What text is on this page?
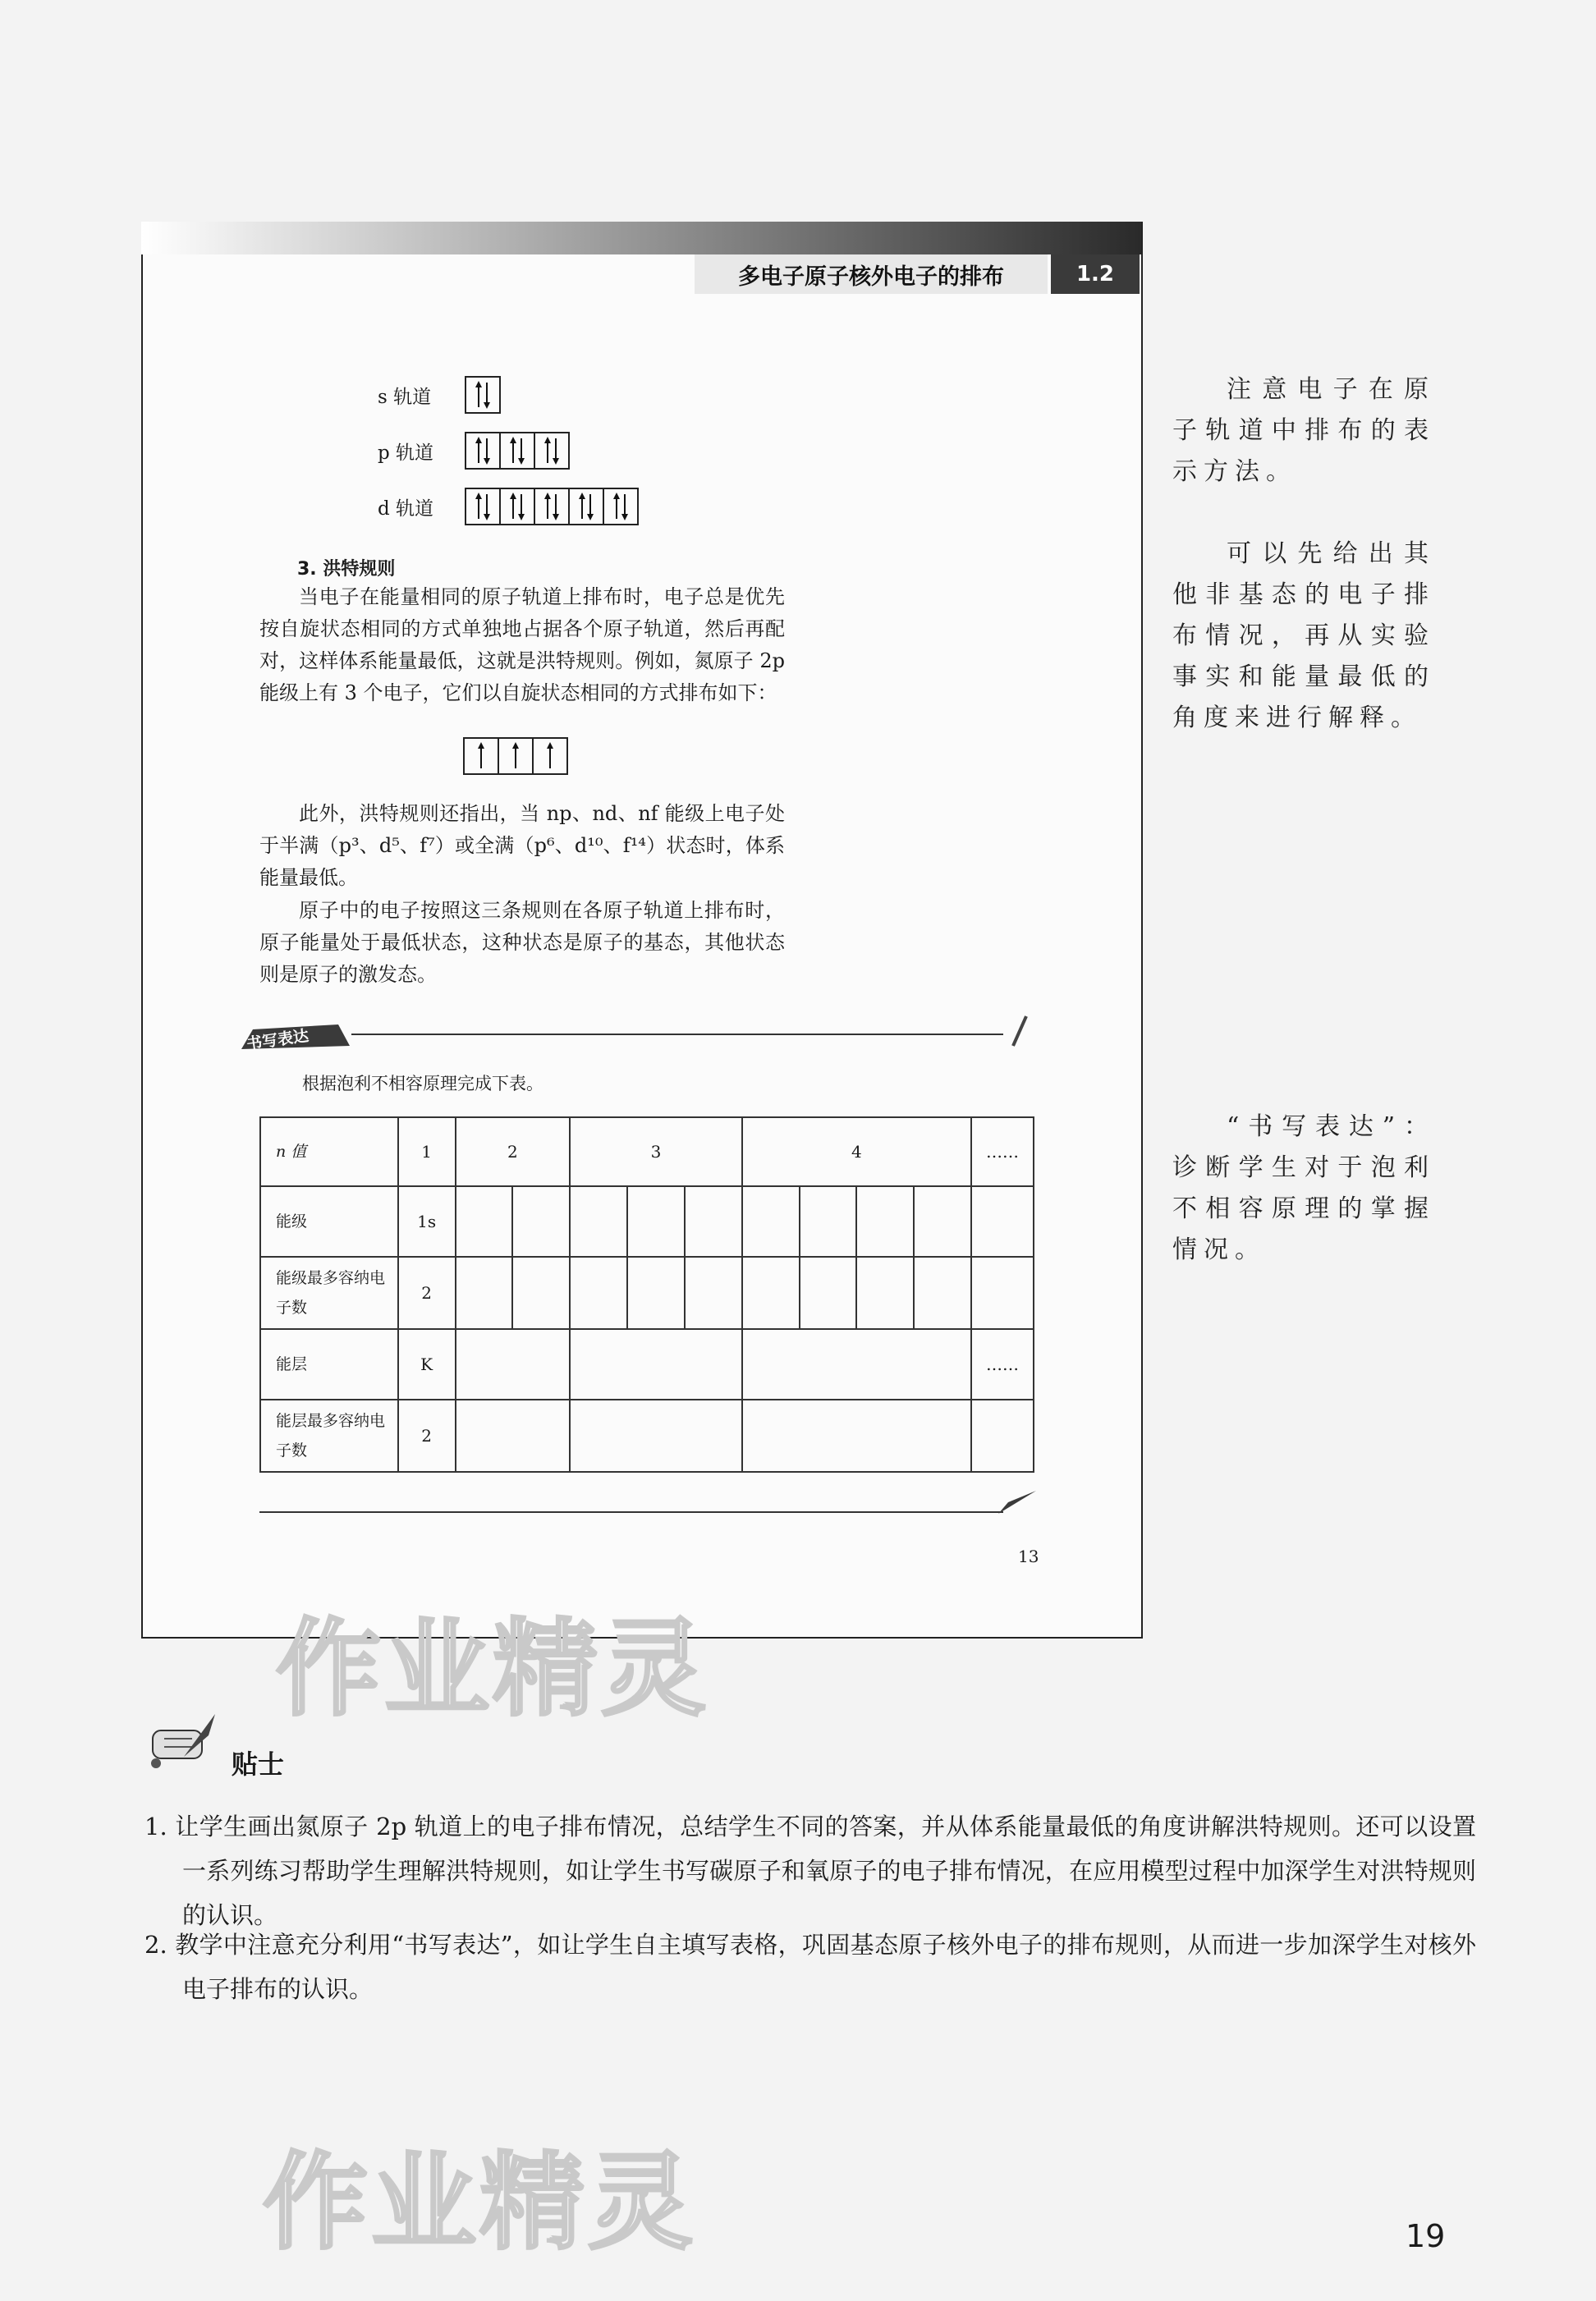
多电子原子核外电子的排布	1.2
s 轨道
p 轨道
d 轨道
3. 洪特规则
当电子在能量相同的原子轨道上排布时，电子总是优先按自旋状态相同的方式单独地占据各个原子轨道，然后再配对，这样体系能量最低，这就是洪特规则。例如，氮原子 2p 能级上有 3 个电子，它们以自旋状态相同的方式排布如下：
此外，洪特规则还指出，当 np、nd、nf 能级上电子处于半满（p³、d⁵、f⁷）或全满（p⁶、d¹⁰、f¹⁴）状态时，体系能量最低。
原子中的电子按照这三条规则在各原子轨道上排布时，原子能量处于最低状态，这种状态是原子的基态，其他状态则是原子的激发态。
书写表达
根据泡利不相容原理完成下表。
n 值	1	2		3			4				……
能级	1s										
能级最多容纳电子数	2										
能层	K										……
能层最多容纳电子数	2										
13
注意电子在原子轨道中排布的表示方法。
可以先给出其他非基态的电子排布情况，再从实验事实和能量最低的角度来进行解释。
“书写表达”：诊断学生对于泡利不相容原理的掌握情况。
作业精灵
贴士
1. 让学生画出氮原子 2p 轨道上的电子排布情况，总结学生不同的答案，并从体系能量最低的角度讲解洪特规则。还可以设置一系列练习帮助学生理解洪特规则，如让学生书写碳原子和氧原子的电子排布情况，在应用模型过程中加深学生对洪特规则的认识。
2. 教学中注意充分利用“书写表达”，如让学生自主填写表格，巩固基态原子核外电子的排布规则，从而进一步加深学生对核外电子排布的认识。
作业精灵	19
